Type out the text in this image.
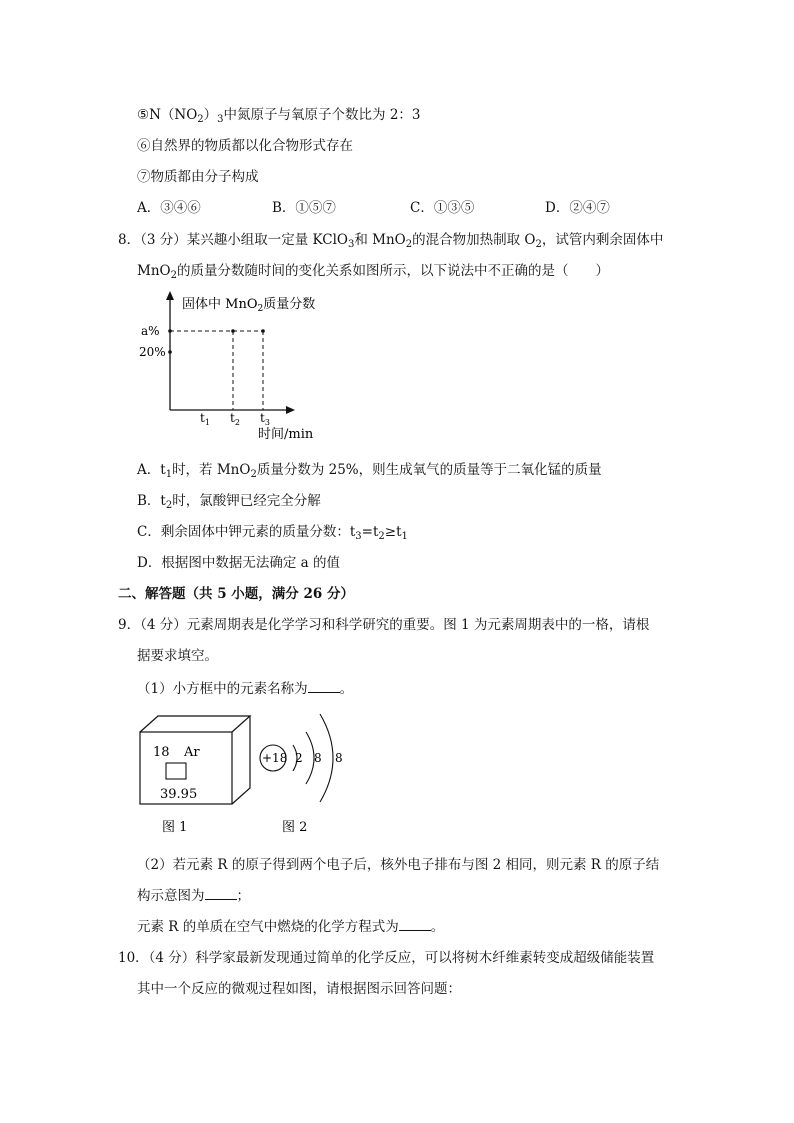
$⑤N(NO_2)_3$中氮原子与氧原子个数比为 2：3
⑥自然界的物质都以化合物形式存在
⑦物质都由分子构成
A．③④⑥	B．①⑤⑦	C．①③⑤	D．②④⑦
8．（3 分）某兴趣小组取一定量 KClO$_3$和 MnO$_2$的混合物加热制取 $O_2$，试管内剩余固体中
MnO$_2$的质量分数随时间的变化关系如图所示，以下说法中不正确的是（　　）
固体中 MnO$_2$质量分数
a%
20%
$t_1$ $t_2$ $t_3$
时间/min
A．$t_1$时，若 MnO$_2$质量分数为 25%，则生成氧气的质量等于二氧化锰的质量
B．$t_2$时，氯酸钾已经完全分解
C．剩余固体中钾元素的质量分数：$t_3=t_2\ge t_1$
D．根据图中数据无法确定 a 的值
二、解答题（共 5 小题，满分 26 分）
9．（4 分）元素周期表是化学学习和科学研究的重要。图 1 为元素周期表中的一格，请根
据要求填空。
（1）小方框中的元素名称为 。
18 Ar
39.95
图 1
+18 2 8 8
图 2
（2）若元素 R 的原子得到两个电子后，核外电子排布与图 2 相同，则元素 R 的原子结
构示意图为 ；
元素 R 的单质在空气中燃烧的化学方程式为 。
10．（4 分）科学家最新发现通过简单的化学反应，可以将树木纤维素转变成超级储能装置
其中一个反应的微观过程如图，请根据图示回答问题：
